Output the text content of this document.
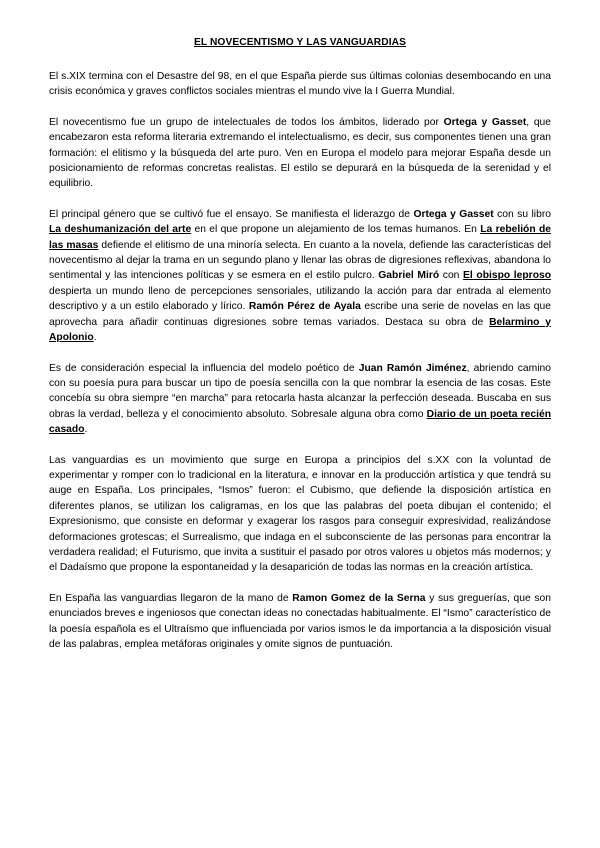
EL NOVECENTISMO Y LAS VANGUARDIAS

El s.XIX termina con el Desastre del 98, en el que España pierde sus últimas colonias desembocando en una crisis económica y graves conflictos sociales mientras el mundo vive la I Guerra Mundial.

El novecentismo fue un grupo de intelectuales de todos los ámbitos, liderado por Ortega y Gasset, que encabezaron esta reforma literaria extremando el intelectualismo, es decir, sus componentes tienen una gran formación: el elitismo y la búsqueda del arte puro. Ven en Europa el modelo para mejorar España desde un posicionamiento de reformas concretas realistas. El estilo se depurará en la búsqueda de la serenidad y el equilibrio.

El principal género que se cultivó fue el ensayo. Se manifiesta el liderazgo de Ortega y Gasset con su libro La deshumanización del arte en el que propone un alejamiento de los temas humanos. En La rebelión de las masas defiende el elitismo de una minoría selecta. En cuanto a la novela, defiende las características del novecentismo al dejar la trama en un segundo plano y llenar las obras de digresiones reflexivas, abandona lo sentimental y las intenciones políticas y se esmera en el estilo pulcro. Gabriel Miró con El obispo leproso despierta un mundo lleno de percepciones sensoriales, utilizando la acción para dar entrada al elemento descriptivo y a un estilo elaborado y lírico. Ramón Pérez de Ayala escribe una serie de novelas en las que aprovecha para añadir continuas digresiones sobre temas variados. Destaca su obra de Belarmino y Apolonio.

Es de consideración especial la influencia del modelo poético de Juan Ramón Jiménez, abriendo camino con su poesía pura para buscar un tipo de poesía sencilla con la que nombrar la esencia de las cosas. Este concebía su obra siempre “en marcha” para retocarla hasta alcanzar la perfección deseada. Buscaba en sus obras la verdad, belleza y el conocimiento absoluto. Sobresale alguna obra como Diario de un poeta recién casado.

Las vanguardias es un movimiento que surge en Europa a principios del s.XX con la voluntad de experimentar y romper con lo tradicional en la literatura, e innovar en la producción artística y que tendrá su auge en España. Los principales, “Ismos” fueron: el Cubismo, que defiende la disposición artística en diferentes planos, se utilizan los caligramas, en los que las palabras del poeta dibujan el contenido; el Expresionismo, que consiste en deformar y exagerar los rasgos para conseguir expresividad, realizándose deformaciones grotescas; el Surrealismo, que indaga en el subconsciente de las personas para encontrar la verdadera realidad; el Futurismo, que invita a sustituir el pasado por otros valores u objetos más modernos; y el Dadaísmo que propone la espontaneidad y la desaparición de todas las normas en la creación artística.

En España las vanguardias llegaron de la mano de Ramon Gomez de la Serna y sus greguerías, que son enunciados breves e ingeniosos que conectan ideas no conectadas habitualmente. El “Ismo” característico de la poesía española es el Ultraísmo que influenciada por varios ismos le da importancia a la disposición visual de las palabras, emplea metáforas originales y omite signos de puntuación.
